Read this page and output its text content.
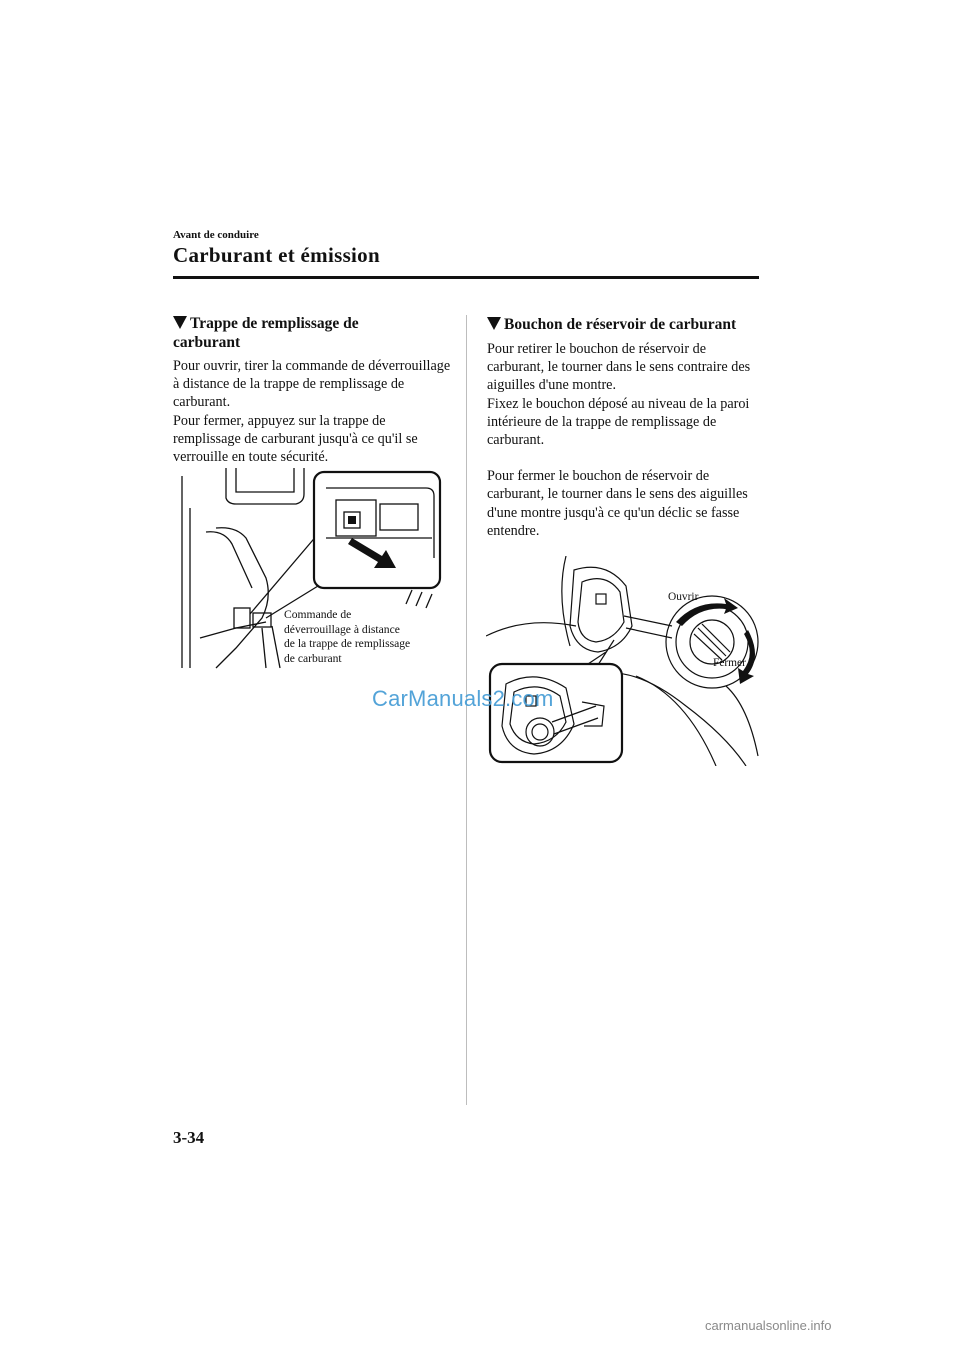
Avant de conduire
Carburant et émission
Trappe de remplissage de carburant

Pour ouvrir, tirer la commande de déverrouillage à distance de la trappe de remplissage de carburant.

Pour fermer, appuyez sur la trappe de remplissage de carburant jusqu'à ce qu'il se verrouille en toute sécurité.

Commande de
déverrouillage à distance
de la trappe de remplissage
de carburant
Bouchon de réservoir de carburant

Pour retirer le bouchon de réservoir de carburant, le tourner dans le sens contraire des aiguilles d'une montre.

Fixez le bouchon déposé au niveau de la paroi intérieure de la trappe de remplissage de carburant.

Pour fermer le bouchon de réservoir de carburant, le tourner dans le sens des aiguilles d'une montre jusqu'à ce qu'un déclic se fasse entendre.

Ouvrir
Fermer
CarManuals2.com
3-34
carmanualsonline.info
